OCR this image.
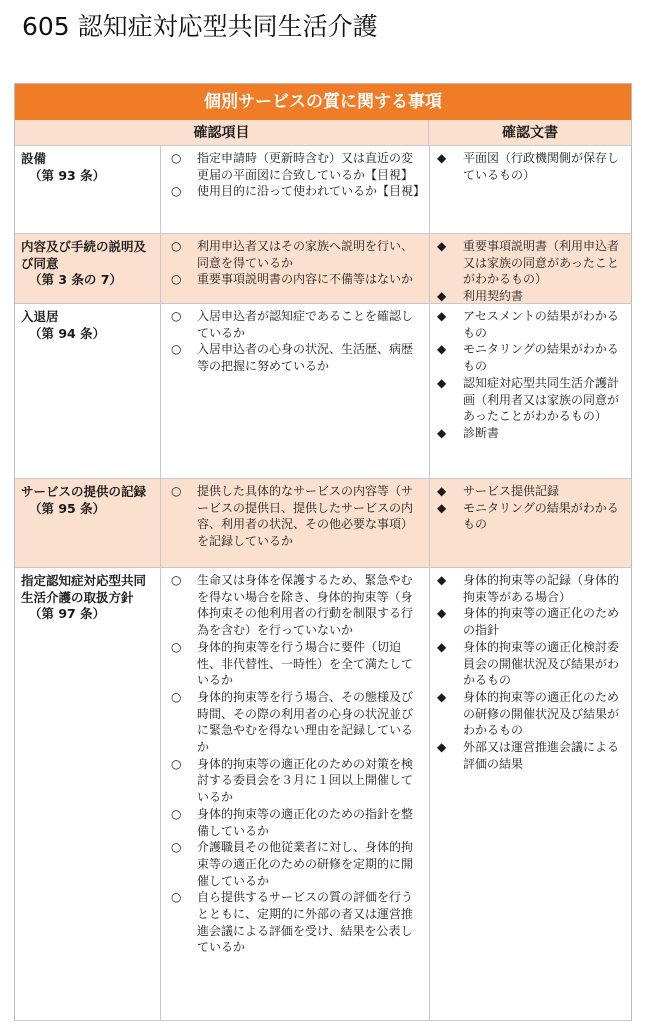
605 認知症対応型共同生活介護
個別サービスの質に関する事項
確認項目	確認文書
設備
（第 93 条）
○ 指定申請時（更新時含む）又は直近の変更届の平面図に合致しているか【目視】
○ 使用目的に沿って使われているか【目視】
◆ 平面図（行政機関側が保存しているもの）
内容及び手続の説明及び同意
（第 3 条の 7）
○ 利用申込者又はその家族へ説明を行い、同意を得ているか
○ 重要事項説明書の内容に不備等はないか
◆ 重要事項説明書（利用申込者又は家族の同意があったことがわかるもの）
◆ 利用契約書
入退居
（第 94 条）
○ 入居申込者が認知症であることを確認しているか
○ 入居申込者の心身の状況、生活歴、病歴等の把握に努めているか
◆ アセスメントの結果がわかるもの
◆ モニタリングの結果がわかるもの
◆ 認知症対応型共同生活介護計画（利用者又は家族の同意があったことがわかるもの）
◆ 診断書
サービスの提供の記録
（第 95 条）
○ 提供した具体的なサービスの内容等（サービスの提供日、提供したサービスの内容、利用者の状況、その他必要な事項）を記録しているか
◆ サービス提供記録
◆ モニタリングの結果がわかるもの
指定認知症対応型共同生活介護の取扱方針
（第 97 条）
○ 生命又は身体を保護するため、緊急やむを得ない場合を除き、身体的拘束等（身体拘束その他利用者の行動を制限する行為を含む）を行っていないか
○ 身体的拘束等を行う場合に要件（切迫性、非代替性、一時性）を全て満たしているか
○ 身体的拘束等を行う場合、その態様及び時間、その際の利用者の心身の状況並びに緊急やむを得ない理由を記録しているか
○ 身体的拘束等の適正化のための対策を検討する委員会を３月に１回以上開催しているか
○ 身体的拘束等の適正化のための指針を整備しているか
○ 介護職員その他従業者に対し、身体的拘束等の適正化のための研修を定期的に開催しているか
○ 自ら提供するサービスの質の評価を行うとともに、定期的に外部の者又は運営推進会議による評価を受け、結果を公表しているか
◆ 身体的拘束等の記録（身体的拘束等がある場合）
◆ 身体的拘束等の適正化のための指針
◆ 身体的拘束等の適正化検討委員会の開催状況及び結果がわかるもの
◆ 身体的拘束等の適正化のための研修の開催状況及び結果がわかるもの
◆ 外部又は運営推進会議による評価の結果
